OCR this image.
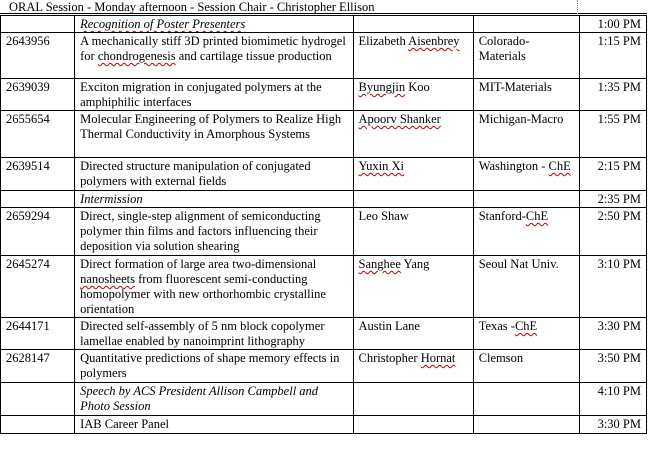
ORAL Session - Monday afternoon - Session Chair - Christopher Ellison
	Recognition of Poster Presenters			1:00 PM
2643956	A mechanically stiff 3D printed biomimetic hydrogel for chondrogenesis and cartilage tissue production	Elizabeth Aisenbrey	Colorado-Materials	1:15 PM
2639039	Exciton migration in conjugated polymers at the amphiphilic interfaces	Byungjin Koo	MIT-Materials	1:35 PM
2655654	Molecular Engineering of Polymers to Realize High Thermal Conductivity in Amorphous Systems	Apoorv Shanker	Michigan-Macro	1:55 PM
2639514	Directed structure manipulation of conjugated polymers with external fields	Yuxin Xi	Washington - ChE	2:15 PM
	Intermission			2:35 PM
2659294	Direct, single-step alignment of semiconducting polymer thin films and factors influencing their deposition via solution shearing	Leo Shaw	Stanford-ChE	2:50 PM
2645274	Direct formation of large area two-dimensional nanosheets from fluorescent semi-conducting homopolymer with new orthorhombic crystalline orientation	Sanghee Yang	Seoul Nat Univ.	3:10 PM
2644171	Directed self-assembly of 5 nm block copolymer lamellae enabled by nanoimprint lithography	Austin Lane	Texas -ChE	3:30 PM
2628147	Quantitative predictions of shape memory effects in polymers	Christopher Hornat	Clemson	3:50 PM
	Speech by ACS President Allison Campbell and Photo Session			4:10 PM
	IAB Career Panel			3:30 PM
